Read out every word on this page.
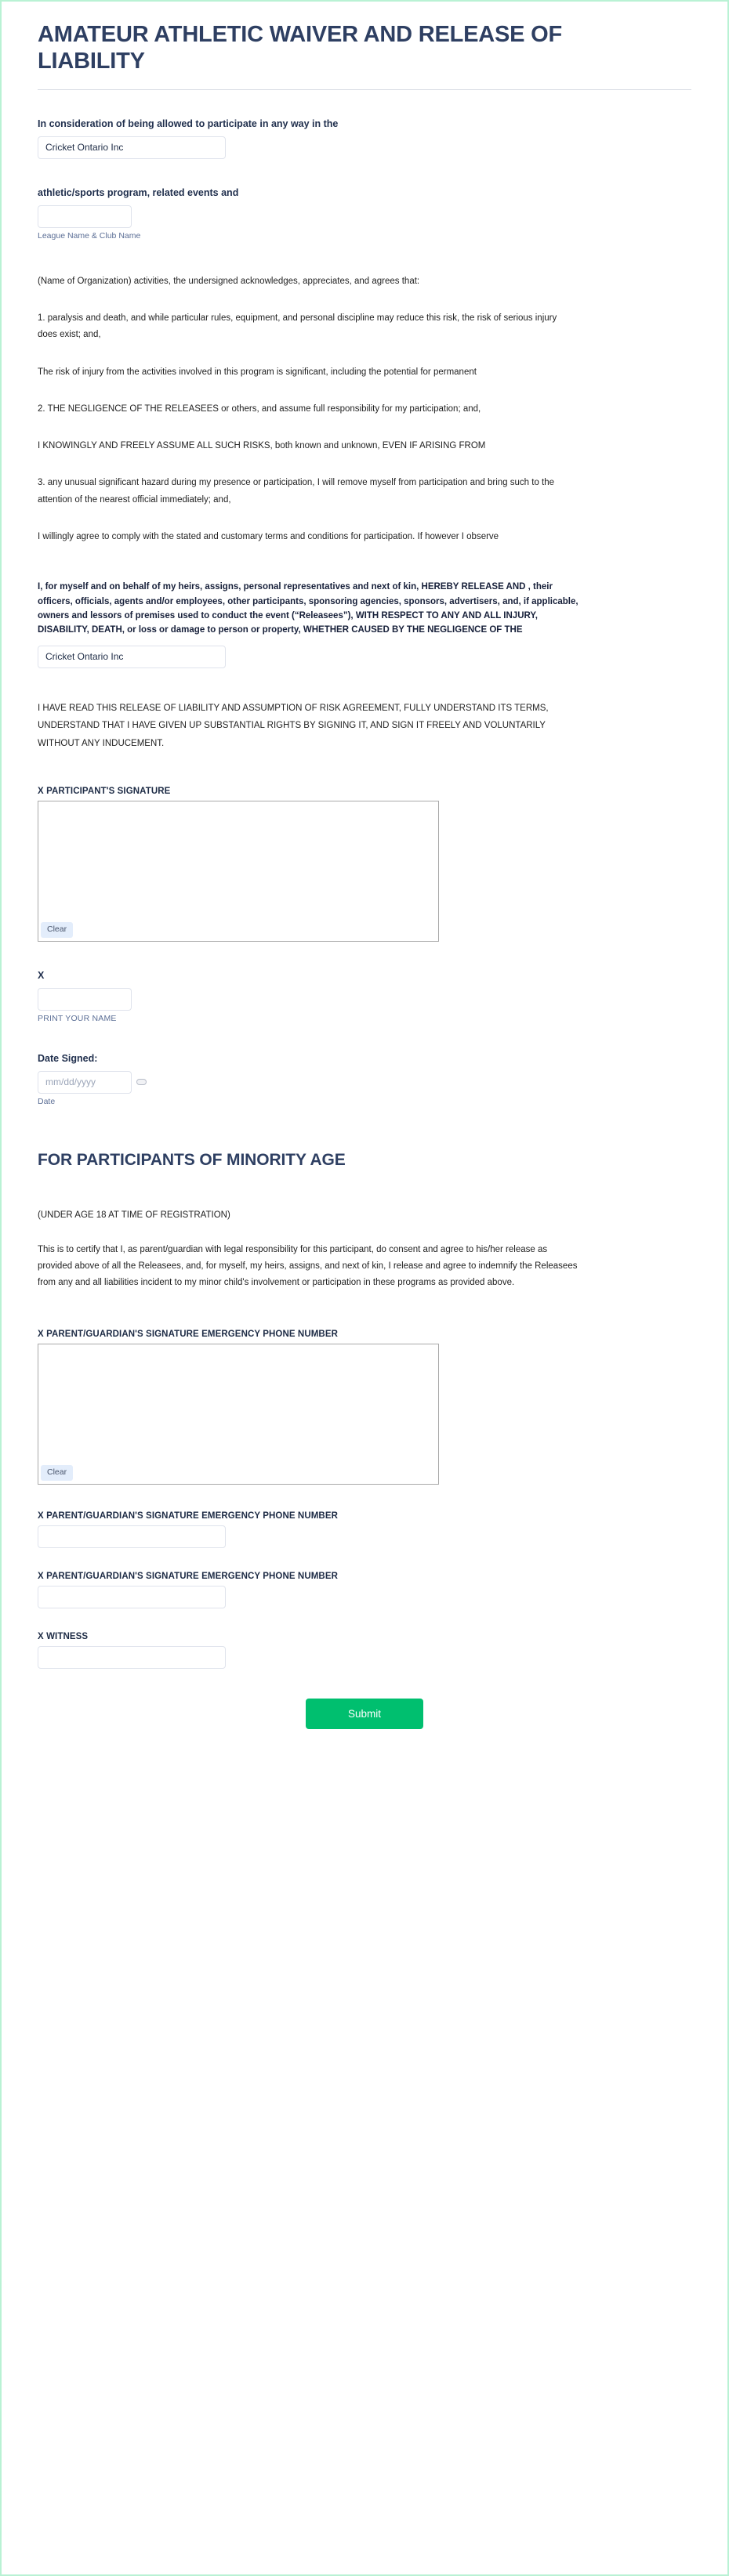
AMATEUR ATHLETIC WAIVER AND RELEASE OF LIABILITY
In consideration of being allowed to participate in any way in the
Cricket Ontario Inc
athletic/sports program, related events and
League Name & Club Name

(Name of Organization) activities, the undersigned acknowledges, appreciates, and agrees that:

1. paralysis and death, and while particular rules, equipment, and personal discipline may reduce this risk, the risk of serious injury does exist; and,

The risk of injury from the activities involved in this program is significant, including the potential for permanent

2. THE NEGLIGENCE OF THE RELEASEES or others, and assume full responsibility for my participation; and,

I KNOWINGLY AND FREELY ASSUME ALL SUCH RISKS, both known and unknown, EVEN IF ARISING FROM

3. any unusual significant hazard during my presence or participation, I will remove myself from participation and bring such to the attention of the nearest official immediately; and,

I willingly agree to comply with the stated and customary terms and conditions for participation. If however I observe

I, for myself and on behalf of my heirs, assigns, personal representatives and next of kin, HEREBY RELEASE AND , their officers, officials, agents and/or employees, other participants, sponsoring agencies, sponsors, advertisers, and, if applicable, owners and lessors of premises used to conduct the event (“Releasees”), WITH RESPECT TO ANY AND ALL INJURY, DISABILITY, DEATH, or loss or damage to person or property, WHETHER CAUSED BY THE NEGLIGENCE OF THE

Cricket Ontario Inc

I HAVE READ THIS RELEASE OF LIABILITY AND ASSUMPTION OF RISK AGREEMENT, FULLY UNDERSTAND ITS TERMS, UNDERSTAND THAT I HAVE GIVEN UP SUBSTANTIAL RIGHTS BY SIGNING IT, AND SIGN IT FREELY AND VOLUNTARILY WITHOUT ANY INDUCEMENT.

X PARTICIPANT'S SIGNATURE
Clear
X
PRINT YOUR NAME
Date Signed:
mm/dd/yyyy
Date
FOR PARTICIPANTS OF MINORITY AGE

(UNDER AGE 18 AT TIME OF REGISTRATION)

This is to certify that I, as parent/guardian with legal responsibility for this participant, do consent and agree to his/her release as provided above of all the Releasees, and, for myself, my heirs, assigns, and next of kin, I release and agree to indemnify the Releasees from any and all liabilities incident to my minor child's involvement or participation in these programs as provided above.

X PARENT/GUARDIAN'S SIGNATURE EMERGENCY PHONE NUMBER
Clear
X PARENT/GUARDIAN'S SIGNATURE EMERGENCY PHONE NUMBER
X PARENT/GUARDIAN'S SIGNATURE EMERGENCY PHONE NUMBER
X WITNESS
Submit
